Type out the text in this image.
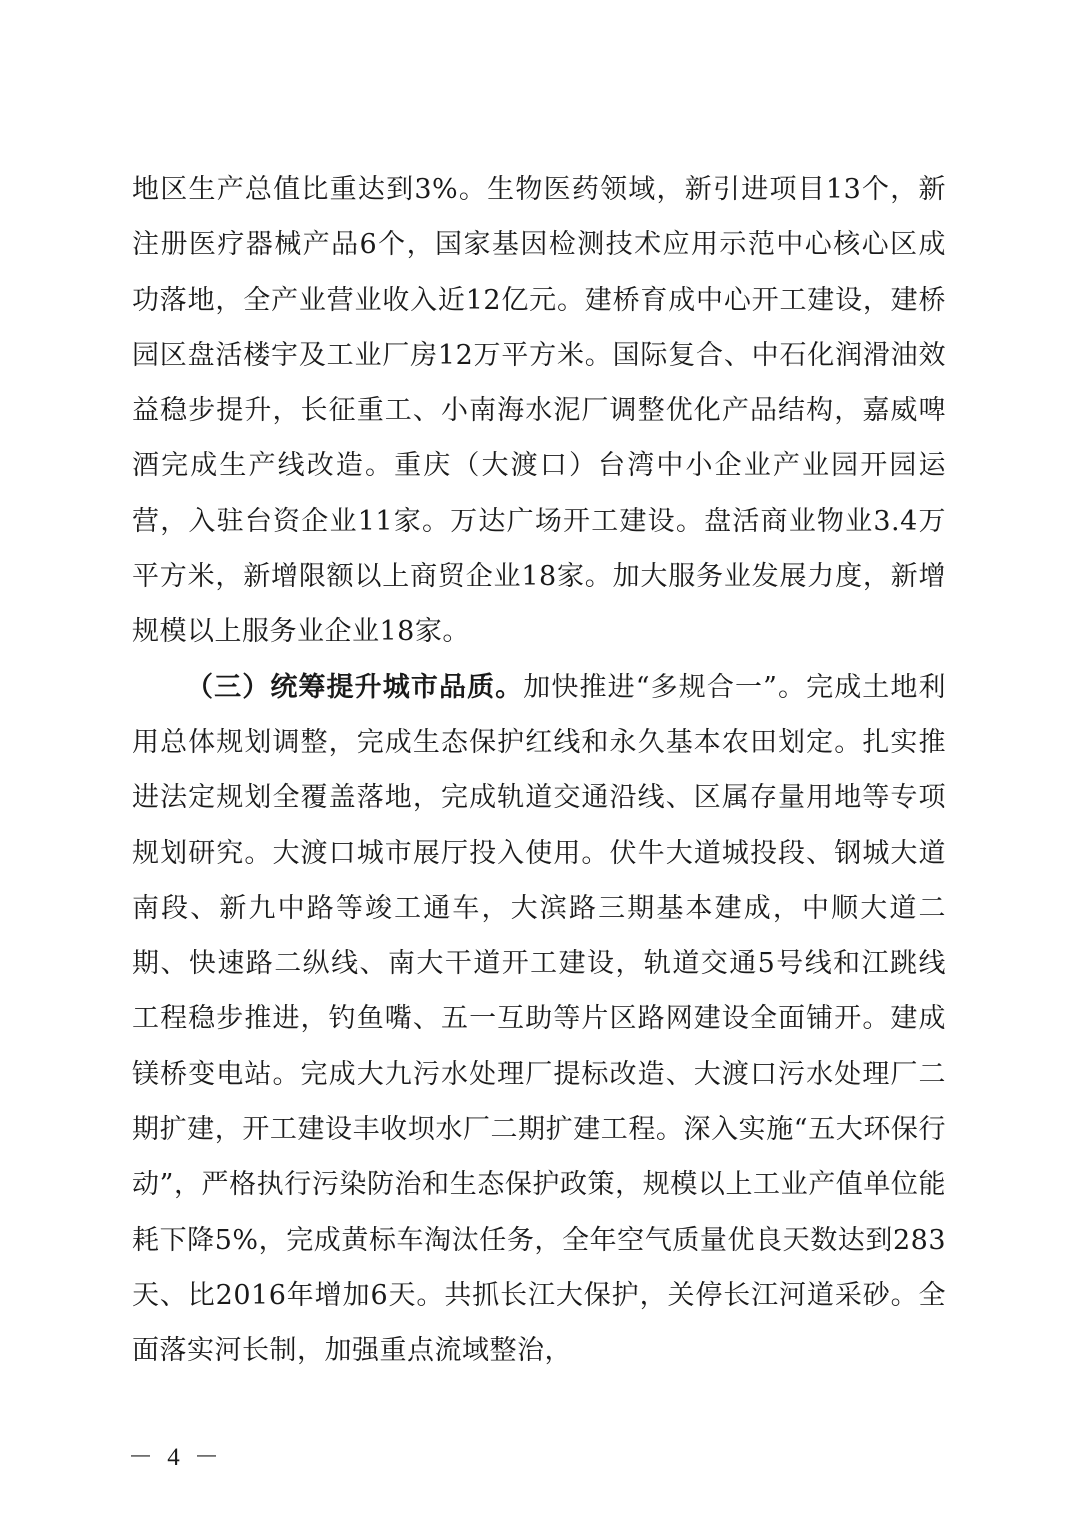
地区生产总值比重达到3%。生物医药领域，新引进项目13个，新注册医疗器械产品6个，国家基因检测技术应用示范中心核心区成功落地，全产业营业收入近12亿元。建桥育成中心开工建设，建桥园区盘活楼宇及工业厂房12万平方米。国际复合、中石化润滑油效益稳步提升，长征重工、小南海水泥厂调整优化产品结构，嘉威啤酒完成生产线改造。重庆（大渡口）台湾中小企业产业园开园运营，入驻台资企业11家。万达广场开工建设。盘活商业物业3.4万平方米，新增限额以上商贸企业18家。加大服务业发展力度，新增规模以上服务业企业18家。

（三）统筹提升城市品质。加快推进“多规合一”。完成土地利用总体规划调整，完成生态保护红线和永久基本农田划定。扎实推进法定规划全覆盖落地，完成轨道交通沿线、区属存量用地等专项规划研究。大渡口城市展厅投入使用。伏牛大道城投段、钢城大道南段、新九中路等竣工通车，大滨路三期基本建成，中顺大道二期、快速路二纵线、南大干道开工建设，轨道交通5号线和江跳线工程稳步推进，钓鱼嘴、五一互助等片区路网建设全面铺开。建成镁桥变电站。完成大九污水处理厂提标改造、大渡口污水处理厂二期扩建，开工建设丰收坝水厂二期扩建工程。深入实施“五大环保行动”，严格执行污染防治和生态保护政策，规模以上工业产值单位能耗下降5%，完成黄标车淘汰任务，全年空气质量优良天数达到283天、比2016年增加6天。共抓长江大保护，关停长江河道采砂。全面落实河长制，加强重点流域整治，

－ 4 －
